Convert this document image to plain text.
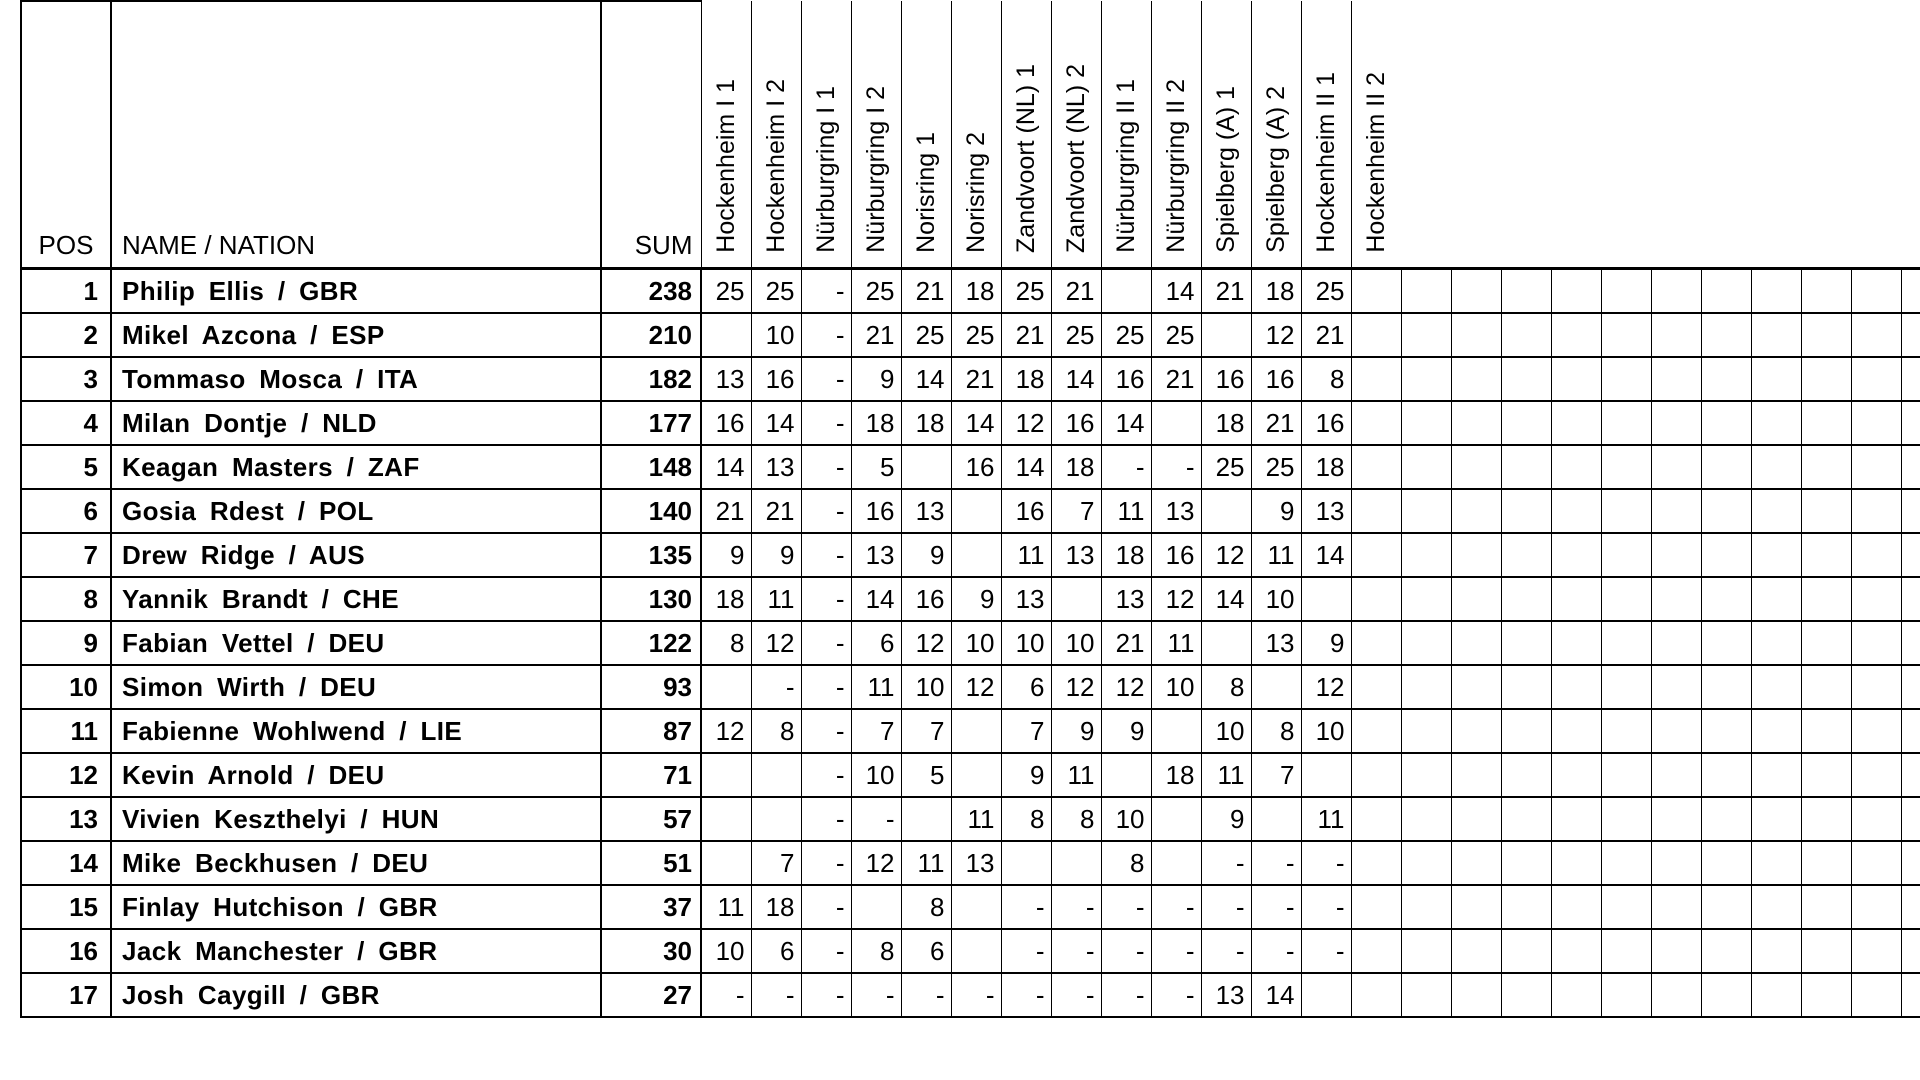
POS	NAME / NATION	SUM	Hockenheim I 1	Hockenheim I 2	Nürburgring I 1	Nürburgring I 2	Norisring 1	Norisring 2	Zandvoort (NL) 1	Zandvoort (NL) 2	Nürburgring II 1	Nürburgring II 2	Spielberg (A) 1	Spielberg (A) 2	Hockenheim II 1	Hockenheim II 2												

1	Philip Ellis / GBR	238	25	25	-	25	21	18	25	21		14	21	18	25													
2	Mikel Azcona / ESP	210		10	-	21	25	25	21	25	25	25		12	21													
3	Tommaso Mosca / ITA	182	13	16	-	9	14	21	18	14	16	21	16	16	8													
4	Milan Dontje / NLD	177	16	14	-	18	18	14	12	16	14		18	21	16													
5	Keagan Masters / ZAF	148	14	13	-	5		16	14	18	-	-	25	25	18													
6	Gosia Rdest / POL	140	21	21	-	16	13		16	7	11	13		9	13													
7	Drew Ridge / AUS	135	9	9	-	13	9		11	13	18	16	12	11	14													
8	Yannik Brandt / CHE	130	18	11	-	14	16	9	13		13	12	14	10														
9	Fabian Vettel / DEU	122	8	12	-	6	12	10	10	10	21	11		13	9													
10	Simon Wirth / DEU	93		-	-	11	10	12	6	12	12	10	8		12													
11	Fabienne Wohlwend / LIE	87	12	8	-	7	7		7	9	9		10	8	10													
12	Kevin Arnold / DEU	71			-	10	5		9	11		18	11	7														
13	Vivien Keszthelyi / HUN	57			-	-		11	8	8	10		9		11													
14	Mike Beckhusen / DEU	51		7	-	12	11	13			8		-	-	-													
15	Finlay Hutchison / GBR	37	11	18	-		8		-	-	-	-	-	-	-													
16	Jack Manchester / GBR	30	10	6	-	8	6		-	-	-	-	-	-	-													
17	Josh Caygill / GBR	27	-	-	-	-	-	-	-	-	-	-	13	14														
